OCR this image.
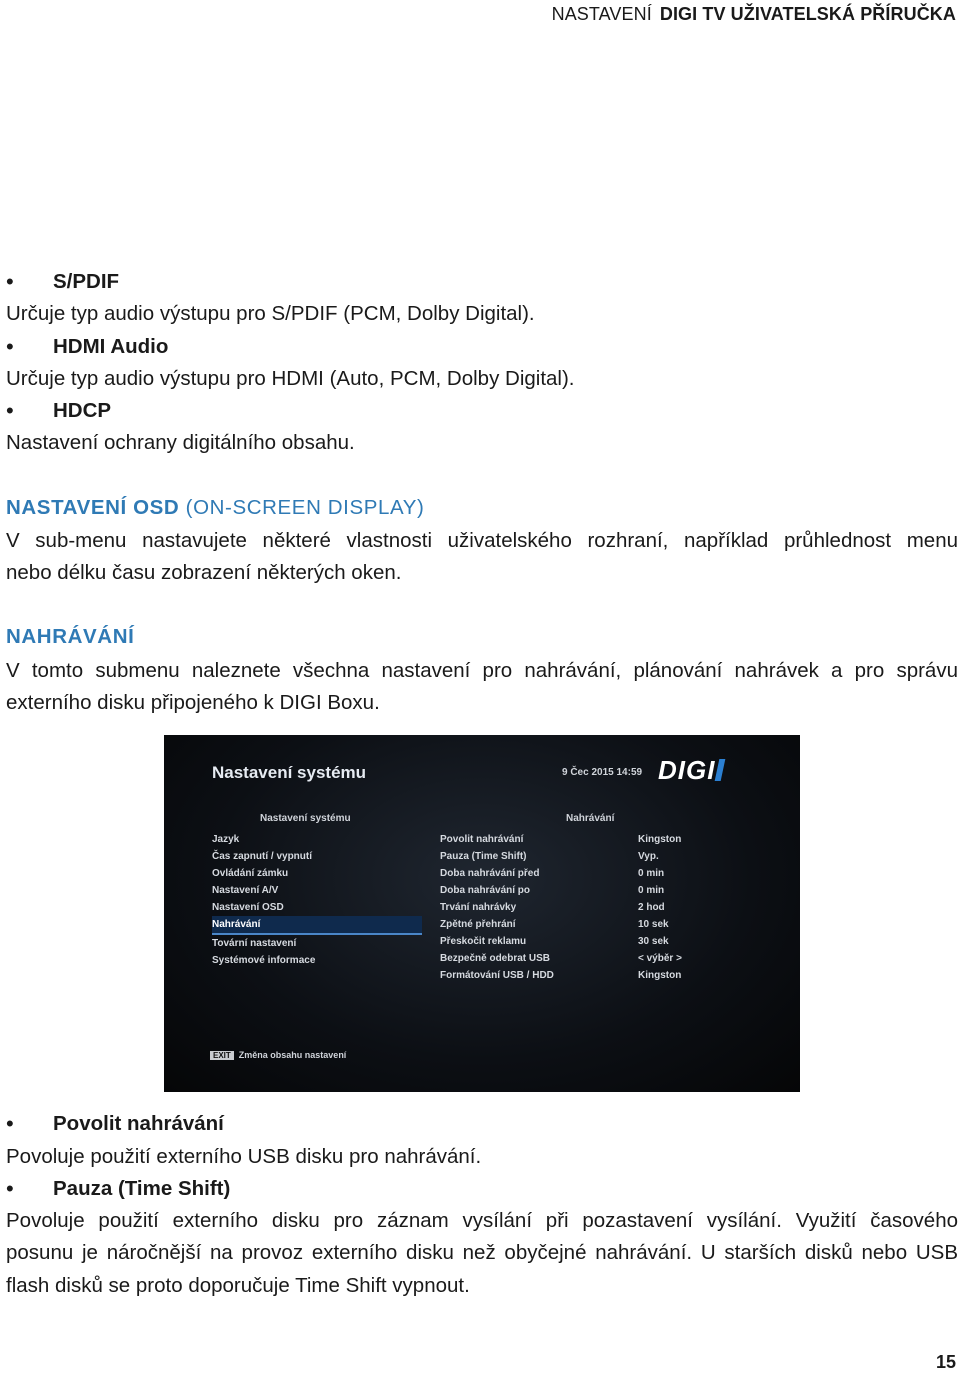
NASTAVENÍ DIGI TV UŽIVATELSKÁ PŘÍRUČKA
• S/PDIF
Určuje typ audio výstupu pro S/PDIF (PCM, Dolby Digital).
• HDMI Audio
Určuje typ audio výstupu pro HDMI (Auto, PCM, Dolby Digital).
• HDCP
Nastavení ochrany digitálního obsahu.
NASTAVENÍ OSD (ON-SCREEN DISPLAY)
V sub-menu nastavujete některé vlastnosti uživatelského rozhraní, například průhlednost menu
nebo délku času zobrazení některých oken.
NAHRÁVÁNÍ
V tomto submenu naleznete všechna nastavení pro nahrávání, plánování nahrávek a pro správu
externího disku připojeného k DIGI Boxu.
Nastavení systému	9 Čec 2015 14:59 DIGI
Nastavení systému	Nahrávání
Jazyk
Čas zapnutí / vypnutí
Ovládání zámku
Nastavení A/V
Nastavení OSD
Nahrávání
Tovární nastavení
Systémové informace
Povolit nahrávání	Kingston
Pauza (Time Shift)	Vyp.
Doba nahrávání před	0 min
Doba nahrávání po	0 min
Trvání nahrávky	2 hod
Zpětné přehrání	10 sek
Přeskočit reklamu	30 sek
Bezpečně odebrat USB	< výběr >
Formátování USB / HDD	Kingston
EXIT Změna obsahu nastavení
• Povolit nahrávání
Povoluje použití externího USB disku pro nahrávání.
• Pauza (Time Shift)
Povoluje použití externího disku pro záznam vysílání při pozastavení vysílání. Využití časového
posunu je náročnější na provoz externího disku než obyčejné nahrávání. U starších disků nebo USB
flash disků se proto doporučuje Time Shift vypnout.
15
